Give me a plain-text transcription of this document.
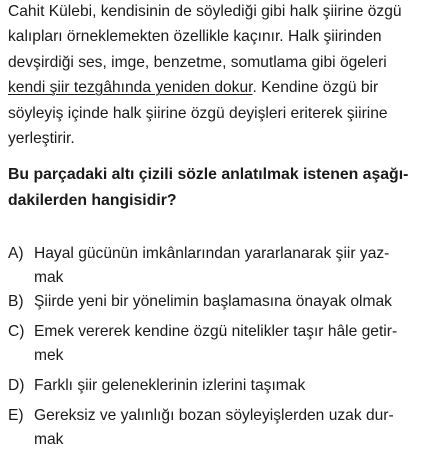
Cahit Külebi, kendisinin de söylediği gibi halk şiirine özgü
kalıpları örneklemekten özellikle kaçınır. Halk şiirinden
devşirdiği ses, imge, benzetme, somutlama gibi ögeleri
kendi şiir tezgâhında yeniden dokur. Kendine özgü bir
söyleyiş içinde halk şiirine özgü deyişleri eriterek şiirine
yerleştirir.
Bu parçadaki altı çizili sözle anlatılmak istenen aşağı-
dakilerden hangisidir?
A) Hayal gücünün imkânlarından yararlanarak şiir yaz-
mak
B) Şiirde yeni bir yönelimin başlamasına önayak olmak
C) Emek vererek kendine özgü nitelikler taşır hâle getir-
mek
D) Farklı şiir geleneklerinin izlerini taşımak
E) Gereksiz ve yalınlığı bozan söyleyişlerden uzak dur-
mak
